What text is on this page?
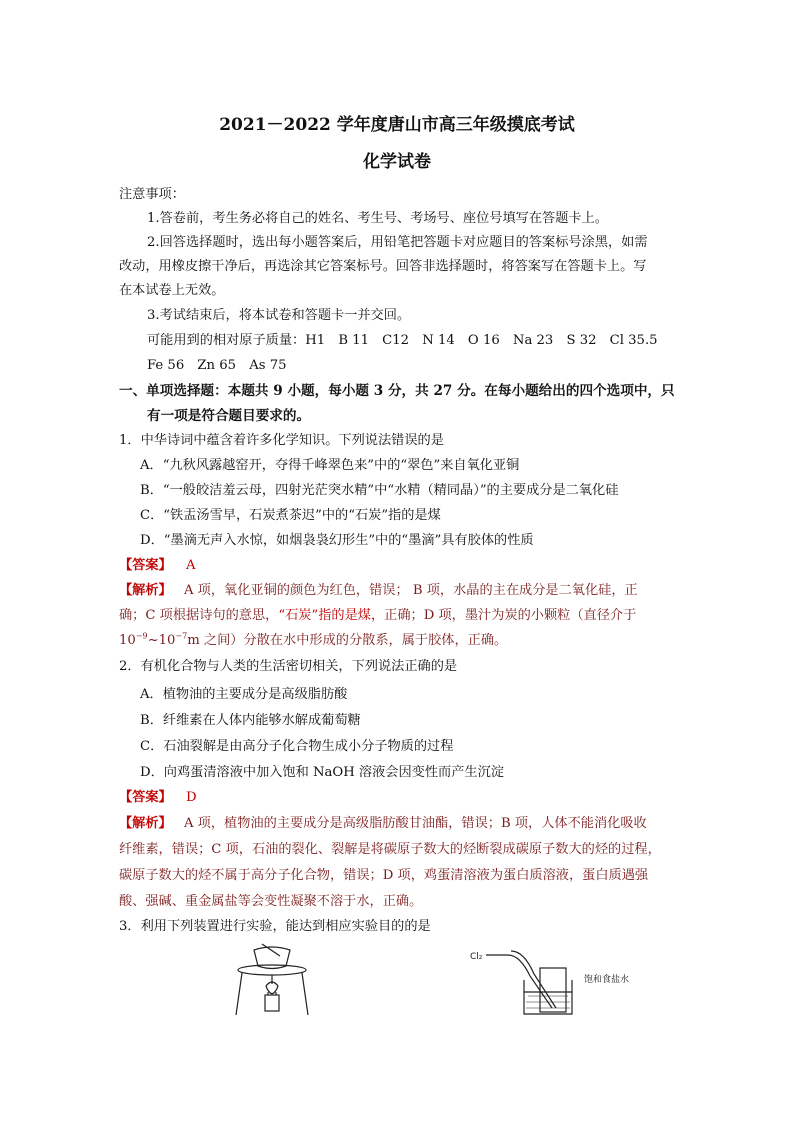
2021－2022 学年度唐山市高三年级摸底考试
化学试卷
注意事项：
1.答卷前，考生务必将自己的姓名、考生号、考场号、座位号填写在答题卡上。
2.回答选择题时，选出每小题答案后，用铅笔把答题卡对应题目的答案标号涂黑，如需
改动，用橡皮擦干净后，再选涂其它答案标号。回答非选择题时，将答案写在答题卡上。写
在本试卷上无效。
3.考试结束后，将本试卷和答题卡一并交回。
可能用到的相对原子质量：H1　B 11　C12　N 14　O 16　Na 23　S 32　Cl 35.5
Fe 56　Zn 65　As 75
一、单项选择题：本题共 9 小题，每小题 3 分，共 27 分。在每小题给出的四个选项中，只
有一项是符合题目要求的。
1．中华诗词中蕴含着许多化学知识。下列说法错误的是
A．“九秋风露越窑开，夺得千峰翠色来”中的“翠色”来自氧化亚铜
B．“一般皎洁羞云母，四射光茫突水精”中“水精（精同晶）”的主要成分是二氧化硅
C．“铁盂汤雪早，石炭煮茶迟”中的“石炭”指的是煤
D．“墨滴无声入水惊，如烟袅袅幻形生”中的“墨滴”具有胶体的性质
【答案】 A
【解析】 A 项，氧化亚铜的颜色为红色，错误； B 项，水晶的主在成分是二氧化硅，正
确；C 项根据诗句的意思，“石炭”指的是煤，正确；D 项，墨汁为炭的小颗粒（直径介于
$10^{-9}\sim 10^{-7}m$ 之间）分散在水中形成的分散系，属于胶体，正确。
2．有机化合物与人类的生活密切相关，下列说法正确的是
A．植物油的主要成分是高级脂肪酸
B．纤维素在人体内能够水解成葡萄糖
C．石油裂解是由高分子化合物生成小分子物质的过程
D．向鸡蛋清溶液中加入饱和 NaOH 溶液会因变性而产生沉淀
【答案】 D
【解析】 A 项，植物油的主要成分是高级脂肪酸甘油酯，错误；B 项，人体不能消化吸收
纤维素，错误；C 项，石油的裂化、裂解是将碳原子数大的烃断裂成碳原子数大的烃的过程，
碳原子数大的烃不属于高分子化合物，错误；D 项，鸡蛋清溶液为蛋白质溶液，蛋白质遇强
酸、强碱、重金属盐等会变性凝聚不溶于水，正确。
3．利用下列装置进行实验，能达到相应实验目的的是
Cl₂
饱和食盐水
